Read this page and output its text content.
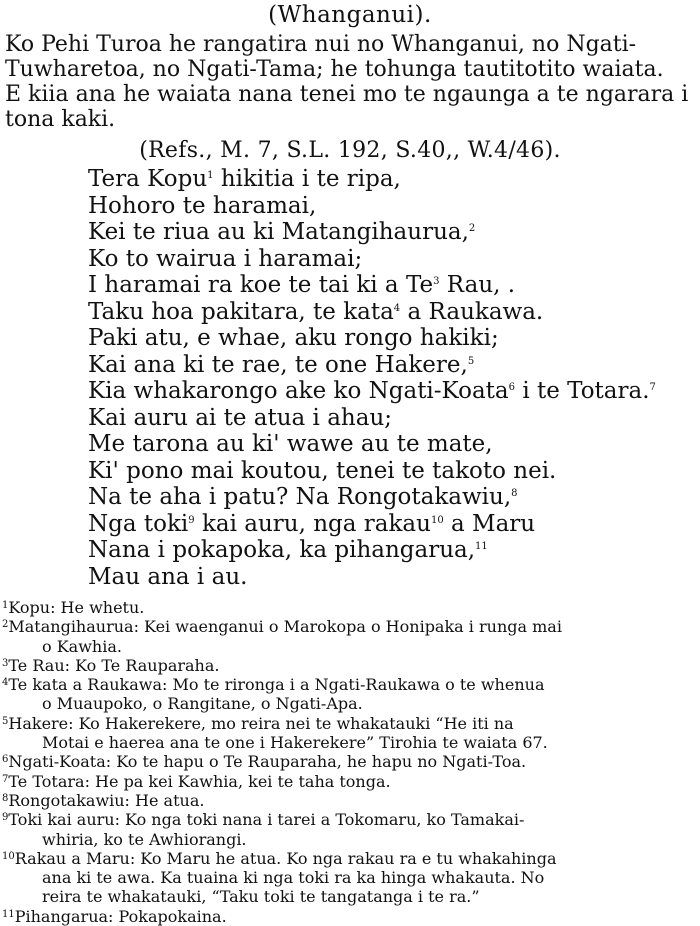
(Whanganui).

Ko Pehi Turoa he rangatira nui no Whanganui, no Ngati-Tuwharetoa, no Ngati-Tama; he tohunga tautitotito waiata.

E kiia ana he waiata nana tenei mo te ngaunga a te ngarara i tona kaki.

(Refs., M. 7, S.L. 192, S.40,, W.4/46).
Tera Kopu$^1$ hikitia i te ripa,
Hohoro te haramai,
Kei te riua au ki Matangihaurua,$^2$
Ko to wairua i haramai;
I haramai ra koe te tai ki a Te$^3$ Rau, .
Taku hoa pakitara, te kata$^4$ a Raukawa.
Paki atu, e whae, aku rongo hakiki;
Kai ana ki te rae, te one Hakere,$^5$
Kia whakarongo ake ko Ngati-Koata$^6$ i te Totara.$^7$
Kai auru ai te atua i ahau;
Me tarona au ki' wawe au te mate,
Ki' pono mai koutou, tenei te takoto nei.
Na te aha i patu? Na Rongotakawiu,$^8$
Nga toki$^9$ kai auru, nga rakau$^{10}$ a Maru
Nana i pokapoka, ka pihangarua,$^{11}$
Mau ana i au.
$^1$Kopu: He whetu.
$^2$Matangihaurua: Kei waenganui o Marokopa o Honipaka i runga mai
o Kawhia.
$^3$Te Rau: Ko Te Rauparaha.
$^4$Te kata a Raukawa: Mo te rironga i a Ngati-Raukawa o te whenua
o Muaupoko, o Rangitane, o Ngati-Apa.
$^5$Hakere: Ko Hakerekere, mo reira nei te whakatauki “He iti na
Motai e haerea ana te one i Hakerekere” Tirohia te waiata 67.
$^6$Ngati-Koata: Ko te hapu o Te Rauparaha, he hapu no Ngati-Toa.
$^7$Te Totara: He pa kei Kawhia, kei te taha tonga.
$^8$Rongotakawiu: He atua.
$^9$Toki kai auru: Ko nga toki nana i tarei a Tokomaru, ko Tamakai-
whiria, ko te Awhiorangi.
$^{10}$Rakau a Maru: Ko Maru he atua. Ko nga rakau ra e tu whakahinga
ana ki te awa. Ka tuaina ki nga toki ra ka hinga whakauta. No
reira te whakatauki, “Taku toki te tangatanga i te ra.”
$^{11}$Pihangarua: Pokapokaina.
